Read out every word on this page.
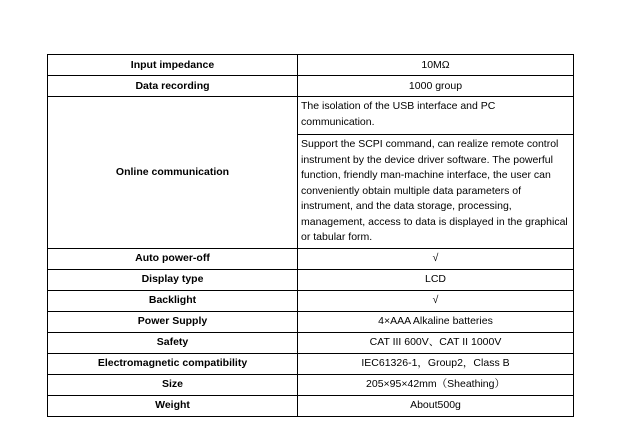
Input impedance	10MΩ
Data recording	1000 group
Online communication	The isolation of the USB interface and PC communication.
	Support the SCPI command, can realize remote control instrument by the device driver software. The powerful function, friendly man-machine interface, the user can conveniently obtain multiple data parameters of instrument, and the data storage, processing, management, access to data is displayed in the graphical or tabular form.
Auto power-off	√
Display type	LCD
Backlight	√
Power Supply	4×AAA Alkaline batteries
Safety	CAT III 600V、CAT II 1000V
Electromagnetic compatibility	IEC61326-1，Group2，Class B
Size	205×95×42mm（Sheathing）
Weight	About500g
